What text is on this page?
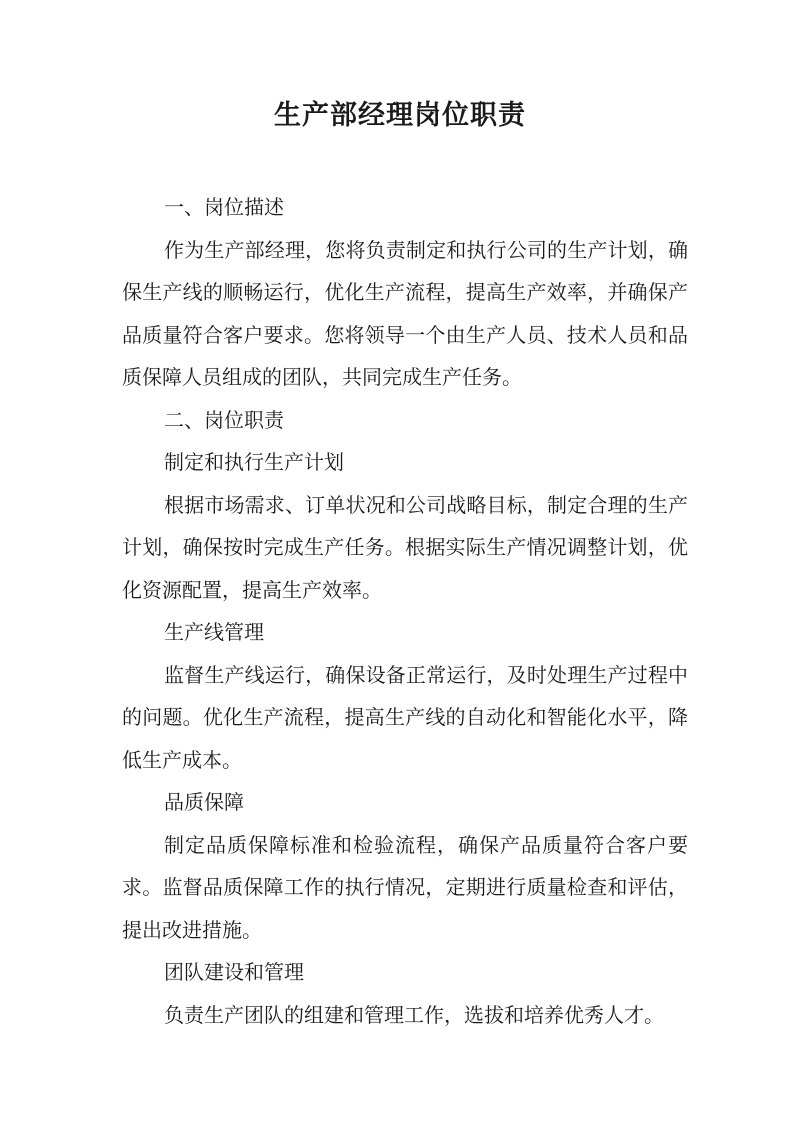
生产部经理岗位职责

一、岗位描述

作为生产部经理，您将负责制定和执行公司的生产计划，确保生产线的顺畅运行，优化生产流程，提高生产效率，并确保产品质量符合客户要求。您将领导一个由生产人员、技术人员和品质保障人员组成的团队，共同完成生产任务。

二、岗位职责

制定和执行生产计划

根据市场需求、订单状况和公司战略目标，制定合理的生产计划，确保按时完成生产任务。根据实际生产情况调整计划，优化资源配置，提高生产效率。

生产线管理

监督生产线运行，确保设备正常运行，及时处理生产过程中的问题。优化生产流程，提高生产线的自动化和智能化水平，降低生产成本。

品质保障

制定品质保障标准和检验流程，确保产品质量符合客户要求。监督品质保障工作的执行情况，定期进行质量检查和评估，提出改进措施。

团队建设和管理

负责生产团队的组建和管理工作，选拔和培养优秀人才。
